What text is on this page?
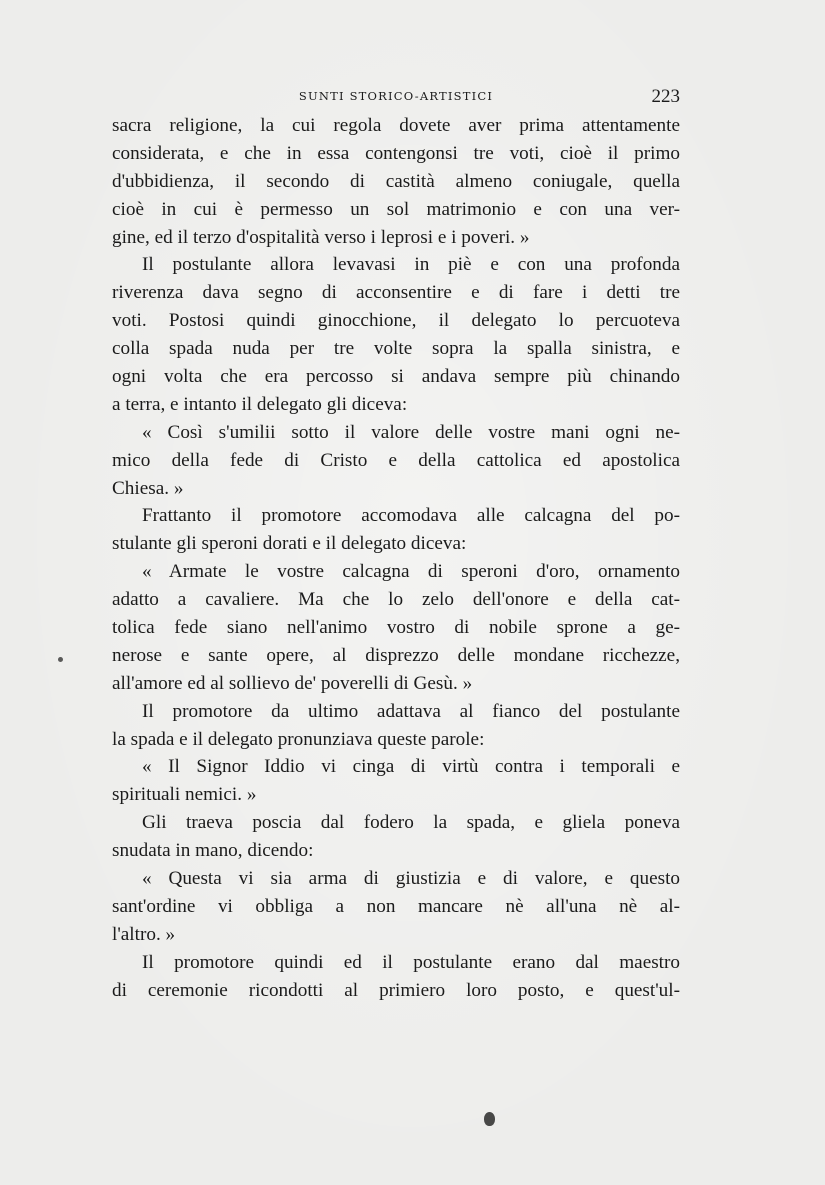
SUNTI STORICO-ARTISTICI	223
sacra religione, la cui regola dovete aver prima attentamente
considerata, e che in essa contengonsi tre voti, cioè il primo
d'ubbidienza, il secondo di castità almeno coniugale, quella
cioè in cui è permesso un sol matrimonio e con una ver-
gine, ed il terzo d'ospitalità verso i leprosi e i poveri. »
Il postulante allora levavasi in piè e con una profonda
riverenza dava segno di acconsentire e di fare i detti tre
voti. Postosi quindi ginocchione, il delegato lo percuoteva
colla spada nuda per tre volte sopra la spalla sinistra, e
ogni volta che era percosso si andava sempre più chinando
a terra, e intanto il delegato gli diceva:
« Così s'umilii sotto il valore delle vostre mani ogni ne-
mico della fede di Cristo e della cattolica ed apostolica
Chiesa. »
Frattanto il promotore accomodava alle calcagna del po-
stulante gli speroni dorati e il delegato diceva:
« Armate le vostre calcagna di speroni d'oro, ornamento
adatto a cavaliere. Ma che lo zelo dell'onore e della cat-
tolica fede siano nell'animo vostro di nobile sprone a ge-
nerose e sante opere, al disprezzo delle mondane ricchezze,
all'amore ed al sollievo de' poverelli di Gesù. »
Il promotore da ultimo adattava al fianco del postulante
la spada e il delegato pronunziava queste parole:
« Il Signor Iddio vi cinga di virtù contra i temporali e
spirituali nemici. »
Gli traeva poscia dal fodero la spada, e gliela poneva
snudata in mano, dicendo:
« Questa vi sia arma di giustizia e di valore, e questo
sant'ordine vi obbliga a non mancare nè all'una nè al-
l'altro. »
Il promotore quindi ed il postulante erano dal maestro
di ceremonie ricondotti al primiero loro posto, e quest'ul-
